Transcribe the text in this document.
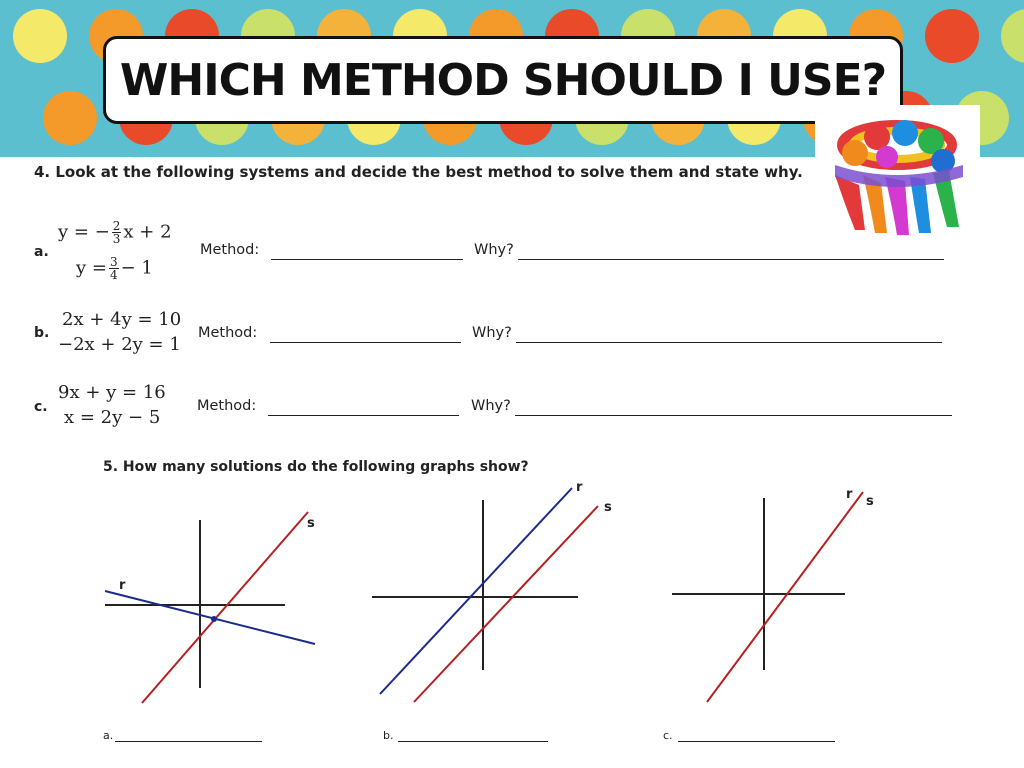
WHICH METHOD SHOULD I USE?
4. Look at the following systems and decide the best method to solve them and state why.
a.
y = − $\frac{2}{3}$ x + 2
$y = \frac{3}{4} - 1$
Method:	Why?
b.
2x + 4y = 10
−2x + 2y = 1
Method:	Why?
c.
9x + y = 16
x = 2y − 5
Method:	Why?
5. How many solutions do the following graphs show?
r
s
r
s
r s
a.	b.	c.
